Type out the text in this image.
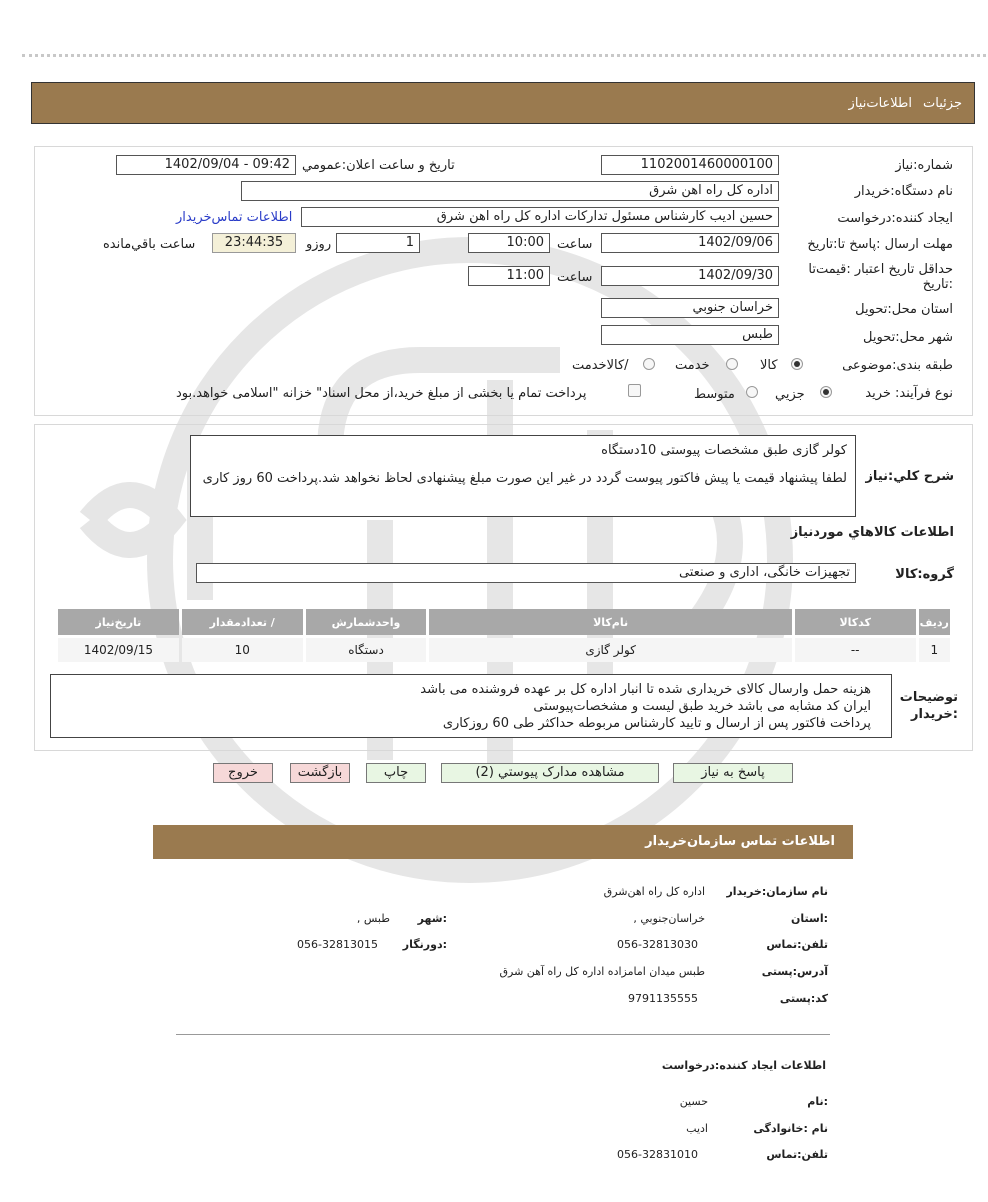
جزئيات
اطلاعات‌نياز
شماره:نياز
1102001460000100
تاريخ و ساعت اعلان:عمومي
1402/09/04 - 09:42
نام دستگاه:خريدار
اداره كل راه اهن شرق
ايجاد کننده:درخواست
حسين اديب كارشناس مسئول تداركات اداره كل راه اهن شرق
اطلاعات تماس‌خريدار
مهلت ارسال :پاسخ تا:تاريخ
1402/09/06
ساعت
10:00
1
روزو
23:44:35
ساعت باقي‌مانده
حداقل تاريخ اعتبار :قيمت‌تا
:تاريخ
1402/09/30
ساعت
11:00
استان محل:تحويل
خراسان جنوبي
شهر محل:تحويل
طبس
طبقه بندی:موضوعی
کالا
خدمت
/کالاخدمت
نوع فرآيند: خريد
جزيي
متوسط
پرداخت تمام يا بخشی از مبلغ خريد،از محل اسناد" خزانه "اسلامی خواهد.بود
شرح کلي:نياز
کولر گازی طبق مشخصات پیوستی 10دستگاه
لطفا پیشنهاد قیمت یا پیش فاکتور پیوست گردد در غیر این صورت مبلغ پیشنهادی لحاظ نخواهد شد.پرداخت 60 روز کاری
اطلاعات کالاهاي موردنياز
گروه:کالا
تجهیزات خانگی، اداری و صنعتی
رديف	کدکالا	نام‌کالا	واحدشمارش	/ تعدادمقدار	تاريخ‌نياز
1	--	کولر گازی	دستگاه	10	1402/09/15
توضيحات
:خريدار
هزینه حمل وارسال کالای خریداری شده تا انبار اداره کل بر عهده فروشنده می باشد
ایران کد مشابه می باشد خرید طبق لیست و مشخصات‌پیوستی
پرداخت فاکتور پس از ارسال و تایید کارشناس مربوطه حداکثر طی 60 روزکاری
پاسخ به نياز
مشاهده مدارک پيوستي (2)
چاپ
بازگشت
خروج
اطلاعات تماس سازمان‌خريدار
نام سازمان:خريدار
اداره كل راه اهن‌شرق
:استان
خراسان‌جنوبي ,
:شهر
طبس ,
تلفن:تماس
056-32813030
:دورنگار
056-32813015
آدرس:پستی
طبس ميدان امامزاده اداره كل راه آهن شرق
کد:پستی
9791135555
اطلاعات ايجاد كننده:درخواست
:نام
حسين
نام :خانوادگی
اديب
تلفن:تماس
056-32831010
